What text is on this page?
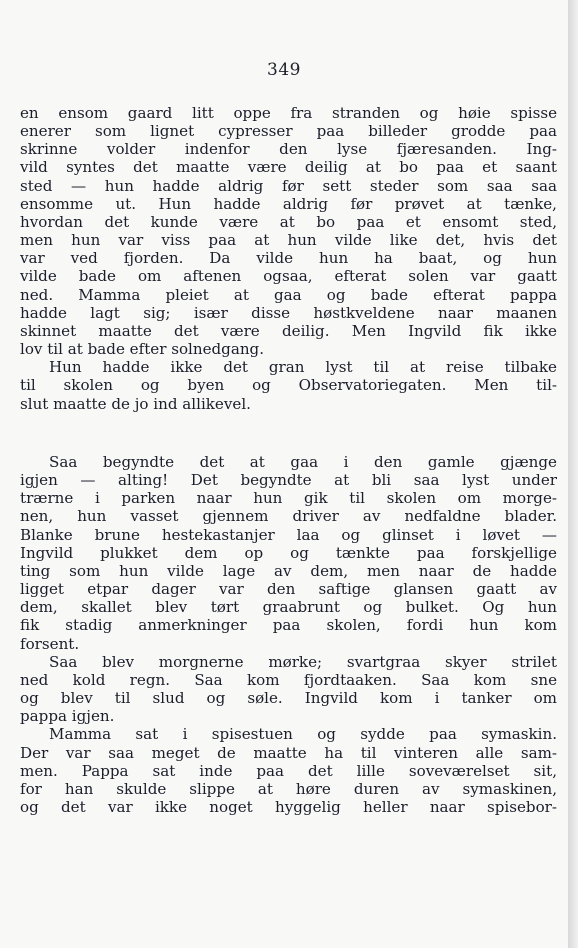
349
en ensom gaard litt oppe fra stranden og høie spisse
enerer som lignet cypresser paa billeder grodde paa
skrinne volder indenfor den lyse fjæresanden. Ing-
vild syntes det maatte være deilig at bo paa et saant
sted — hun hadde aldrig før sett steder som saa saa
ensomme ut. Hun hadde aldrig før prøvet at tænke,
hvordan det kunde være at bo paa et ensomt sted,
men hun var viss paa at hun vilde like det, hvis det
var ved fjorden. Da vilde hun ha baat, og hun
vilde bade om aftenen ogsaa, efterat solen var gaatt
ned. Mamma pleiet at gaa og bade efterat pappa
hadde lagt sig; især disse høstkveldene naar maanen
skinnet maatte det være deilig. Men Ingvild fik ikke
lov til at bade efter solnedgang.
Hun hadde ikke det gran lyst til at reise tilbake
til skolen og byen og Observatoriegaten. Men til-
slut maatte de jo ind allikevel.
Saa begyndte det at gaa i den gamle gjænge
igjen — alting! Det begyndte at bli saa lyst under
trærne i parken naar hun gik til skolen om morge-
nen, hun vasset gjennem driver av nedfaldne blader.
Blanke brune hestekastanjer laa og glinset i løvet —
Ingvild plukket dem op og tænkte paa forskjellige
ting som hun vilde lage av dem, men naar de hadde
ligget etpar dager var den saftige glansen gaatt av
dem, skallet blev tørt graabrunt og bulket. Og hun
fik stadig anmerkninger paa skolen, fordi hun kom
forsent.
Saa blev morgnerne mørke; svartgraa skyer strilet
ned kold regn. Saa kom fjordtaaken. Saa kom sne
og blev til slud og søle. Ingvild kom i tanker om
pappa igjen.
Mamma sat i spisestuen og sydde paa symaskin.
Der var saa meget de maatte ha til vinteren alle sam-
men. Pappa sat inde paa det lille soveværelset sit,
for han skulde slippe at høre duren av symaskinen,
og det var ikke noget hyggelig heller naar spisebor-
